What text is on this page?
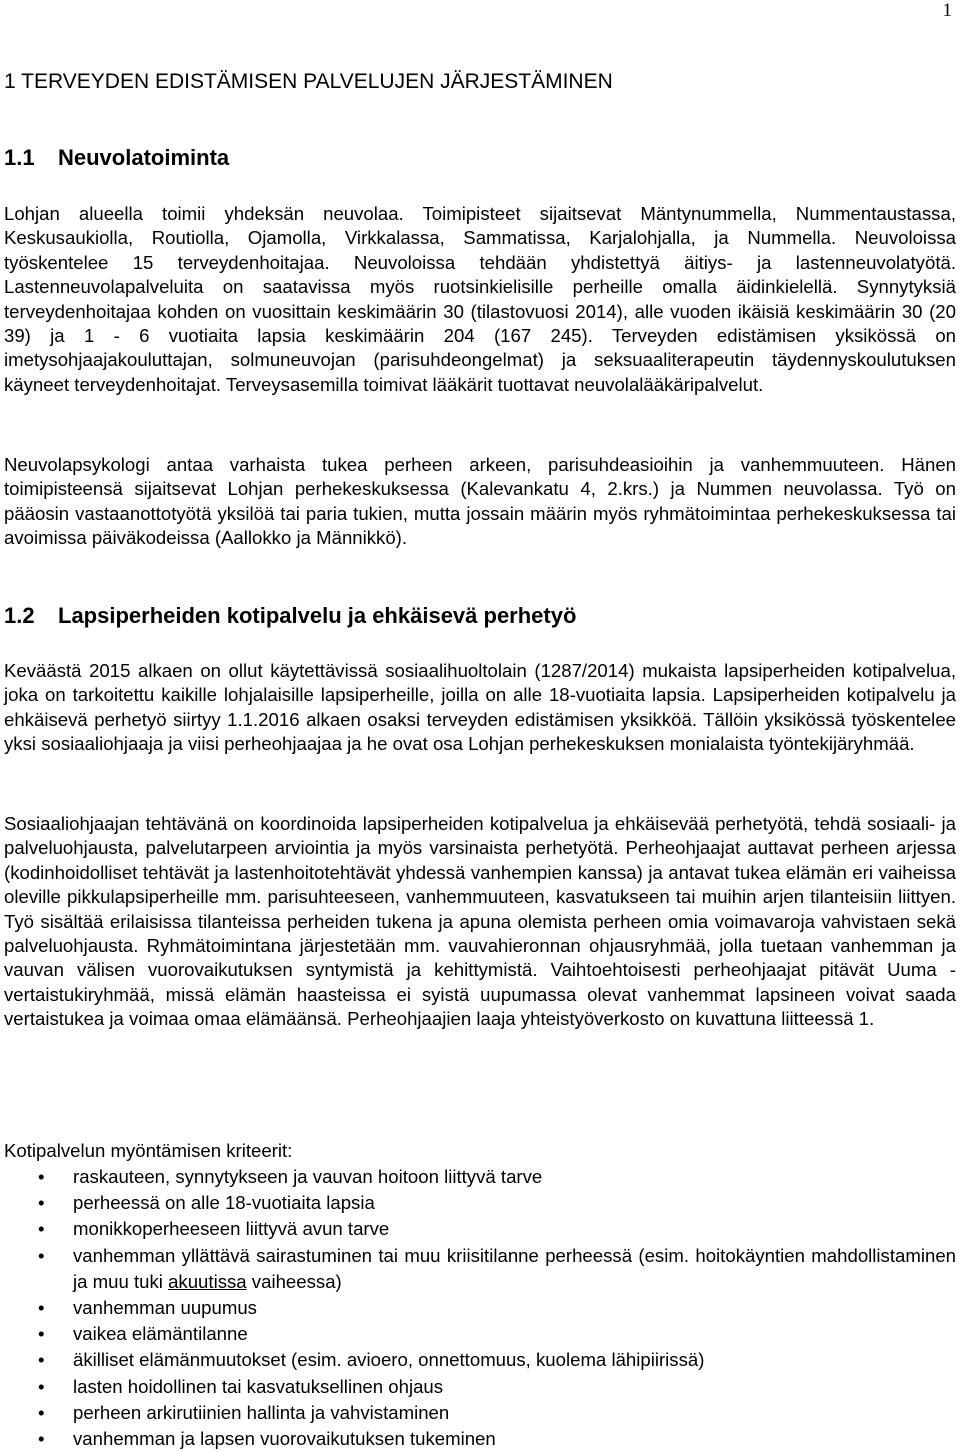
1
1 TERVEYDEN EDISTÄMISEN PALVELUJEN JÄRJESTÄMINEN
1.1 Neuvolatoiminta

Lohjan alueella toimii yhdeksän neuvolaa. Toimipisteet sijaitsevat Mäntynummella, Nummentaustassa, Keskusaukiolla, Routiolla, Ojamolla, Virkkalassa, Sammatissa, Karjalohjalla, ja Nummella. Neuvoloissa työskentelee 15 terveydenhoitajaa. Neuvoloissa tehdään yhdistettyä äitiys- ja lastenneuvolatyötä. Lastenneuvolapalveluita on saatavissa myös ruotsinkielisille perheille omalla äidinkielellä. Synnytyksiä terveydenhoitajaa kohden on vuosittain keskimäärin 30 (tilastovuosi 2014), alle vuoden ikäisiä keskimäärin 30 (20 39) ja 1 - 6 vuotiaita lapsia keskimäärin 204 (167 245). Terveyden edistämisen yksikössä on imetysohjaajakouluttajan, solmuneuvojan (parisuhdeongelmat) ja seksuaaliterapeutin täydennyskoulutuksen käyneet terveydenhoitajat. Terveysasemilla toimivat lääkärit tuottavat neuvolalääkäripalvelut.

Neuvolapsykologi antaa varhaista tukea perheen arkeen, parisuhdeasioihin ja vanhemmuuteen. Hänen toimipisteensä sijaitsevat Lohjan perhekeskuksessa (Kalevankatu 4, 2.krs.) ja Nummen neuvolassa. Työ on pääosin vastaanottotyötä yksilöä tai paria tukien, mutta jossain määrin myös ryhmätoimintaa perhekeskuksessa tai avoimissa päiväkodeissa (Aallokko ja Männikkö).

1.2 Lapsiperheiden kotipalvelu ja ehkäisevä perhetyö

Keväästä 2015 alkaen on ollut käytettävissä sosiaalihuoltolain (1287/2014) mukaista lapsiperheiden kotipalvelua, joka on tarkoitettu kaikille lohjalaisille lapsiperheille, joilla on alle 18-vuotiaita lapsia. Lapsiperheiden kotipalvelu ja ehkäisevä perhetyö siirtyy 1.1.2016 alkaen osaksi terveyden edistämisen yksikköä. Tällöin yksikössä työskentelee yksi sosiaaliohjaaja ja viisi perheohjaajaa ja he ovat osa Lohjan perhekeskuksen monialaista työntekijäryhmää.

Sosiaaliohjaajan tehtävänä on koordinoida lapsiperheiden kotipalvelua ja ehkäisevää perhetyötä, tehdä sosiaali- ja palveluohjausta, palvelutarpeen arviointia ja myös varsinaista perhetyötä. Perheohjaajat auttavat perheen arjessa (kodinhoidolliset tehtävät ja lastenhoitotehtävät yhdessä vanhempien kanssa) ja antavat tukea elämän eri vaiheissa oleville pikkulapsiperheille mm. parisuhteeseen, vanhemmuuteen, kasvatukseen tai muihin arjen tilanteisiin liittyen. Työ sisältää erilaisissa tilanteissa perheiden tukena ja apuna olemista perheen omia voimavaroja vahvistaen sekä palveluohjausta. Ryhmätoimintana järjestetään mm. vauvahieronnan ohjausryhmää, jolla tuetaan vanhemman ja vauvan välisen vuorovaikutuksen syntymistä ja kehittymistä. Vaihtoehtoisesti perheohjaajat pitävät Uuma - vertaistukiryhmää, missä elämän haasteissa ei syistä uupumassa olevat vanhemmat lapsineen voivat saada vertaistukea ja voimaa omaa elämäänsä. Perheohjaajien laaja yhteistyöverkosto on kuvattuna liitteessä 1.

Kotipalvelun myöntämisen kriteerit:
• raskauteen, synnytykseen ja vauvan hoitoon liittyvä tarve
• perheessä on alle 18-vuotiaita lapsia
• monikkoperheeseen liittyvä avun tarve
• vanhemman yllättävä sairastuminen tai muu kriisitilanne perheessä (esim. hoitokäyntien mahdollistaminen ja muu tuki akuutissa vaiheessa)
• vanhemman uupumus
• vaikea elämäntilanne
• äkilliset elämänmuutokset (esim. avioero, onnettomuus, kuolema lähipiirissä)
• lasten hoidollinen tai kasvatuksellinen ohjaus
• perheen arkirutiinien hallinta ja vahvistaminen
• vanhemman ja lapsen vuorovaikutuksen tukeminen
